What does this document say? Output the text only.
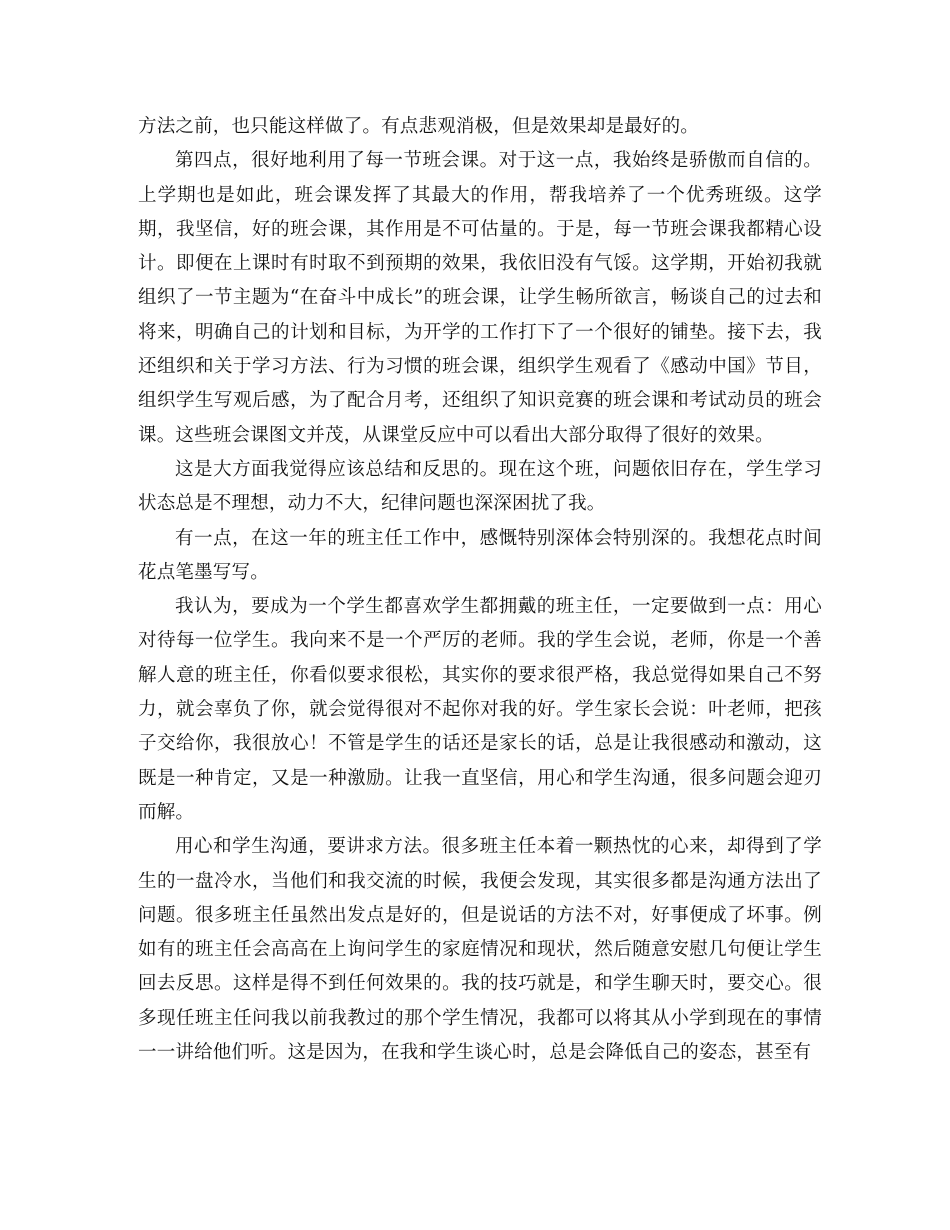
方法之前，也只能这样做了。有点悲观消极，但是效果却是最好的。

第四点，很好地利用了每一节班会课。对于这一点，我始终是骄傲而自信的。上学期也是如此，班会课发挥了其最大的作用，帮我培养了一个优秀班级。这学期，我坚信，好的班会课，其作用是不可估量的。于是，每一节班会课我都精心设计。即便在上课时有时取不到预期的效果，我依旧没有气馁。这学期，开始初我就组织了一节主题为“在奋斗中成长”的班会课，让学生畅所欲言，畅谈自己的过去和将来，明确自己的计划和目标，为开学的工作打下了一个很好的铺垫。接下去，我还组织和关于学习方法、行为习惯的班会课，组织学生观看了《感动中国》节目，组织学生写观后感，为了配合月考，还组织了知识竞赛的班会课和考试动员的班会课。这些班会课图文并茂，从课堂反应中可以看出大部分取得了很好的效果。

这是大方面我觉得应该总结和反思的。现在这个班，问题依旧存在，学生学习状态总是不理想，动力不大，纪律问题也深深困扰了我。

有一点，在这一年的班主任工作中，感慨特别深体会特别深的。我想花点时间花点笔墨写写。

我认为，要成为一个学生都喜欢学生都拥戴的班主任，一定要做到一点：用心对待每一位学生。我向来不是一个严厉的老师。我的学生会说，老师，你是一个善解人意的班主任，你看似要求很松，其实你的要求很严格，我总觉得如果自己不努力，就会辜负了你，就会觉得很对不起你对我的好。学生家长会说：叶老师，把孩子交给你，我很放心！不管是学生的话还是家长的话，总是让我很感动和激动，这既是一种肯定，又是一种激励。让我一直坚信，用心和学生沟通，很多问题会迎刃而解。

用心和学生沟通，要讲求方法。很多班主任本着一颗热忱的心来，却得到了学生的一盘冷水，当他们和我交流的时候，我便会发现，其实很多都是沟通方法出了问题。很多班主任虽然出发点是好的，但是说话的方法不对，好事便成了坏事。例如有的班主任会高高在上询问学生的家庭情况和现状，然后随意安慰几句便让学生回去反思。这样是得不到任何效果的。我的技巧就是，和学生聊天时，要交心。很多现任班主任问我以前我教过的那个学生情况，我都可以将其从小学到现在的事情一一讲给他们听。这是因为，在我和学生谈心时，总是会降低自己的姿态，甚至有
